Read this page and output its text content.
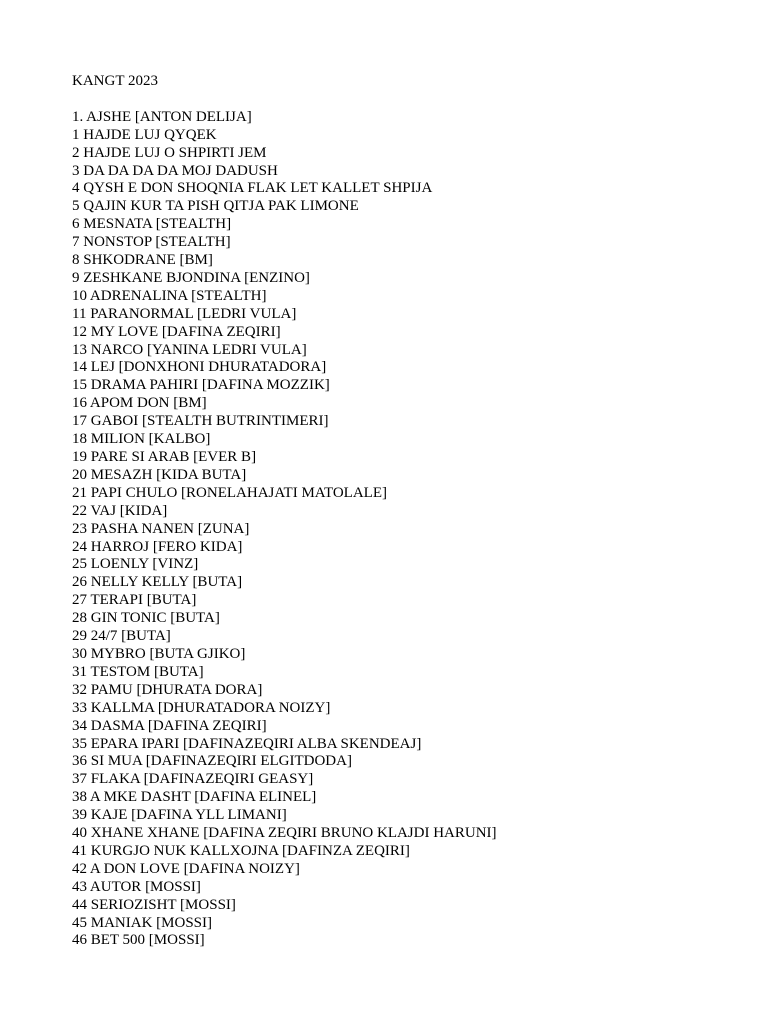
KANGT 2023

1. AJSHE [ANTON DELIJA]
1 HAJDE LUJ QYQEK
2 HAJDE LUJ O SHPIRTI JEM
3 DA DA DA DA MOJ DADUSH
4 QYSH E DON SHOQNIA FLAK LET KALLET SHPIJA
5 QAJIN KUR TA PISH QITJA PAK LIMONE
6 MESNATA [STEALTH]
7 NONSTOP [STEALTH]
8 SHKODRANE [BM]
9 ZESHKANE BJONDINA [ENZINO]
10 ADRENALINA [STEALTH]
11 PARANORMAL [LEDRI VULA]
12 MY LOVE [DAFINA ZEQIRI]
13 NARCO [YANINA LEDRI VULA]
14 LEJ [DONXHONI DHURATADORA]
15 DRAMA PAHIRI [DAFINA MOZZIK]
16 APOM DON [BM]
17 GABOI [STEALTH BUTRINTIMERI]
18 MILION [KALBO]
19 PARE SI ARAB [EVER B]
20 MESAZH [KIDA BUTA]
21 PAPI CHULO [RONELAHAJATI MATOLALE]
22 VAJ [KIDA]
23 PASHA NANEN [ZUNA]
24 HARROJ [FERO KIDA]
25 LOENLY [VINZ]
26 NELLY KELLY [BUTA]
27 TERAPI [BUTA]
28 GIN TONIC [BUTA]
29 24/7 [BUTA]
30 MYBRO [BUTA GJIKO]
31 TESTOM [BUTA]
32 PAMU [DHURATA DORA]
33 KALLMA [DHURATADORA NOIZY]
34 DASMA [DAFINA ZEQIRI]
35 EPARA IPARI [DAFINAZEQIRI ALBA SKENDEAJ]
36 SI MUA [DAFINAZEQIRI ELGITDODA]
37 FLAKA [DAFINAZEQIRI GEASY]
38 A MKE DASHT [DAFINA ELINEL]
39 KAJE [DAFINA YLL LIMANI]
40 XHANE XHANE [DAFINA ZEQIRI BRUNO KLAJDI HARUNI]
41 KURGJO NUK KALLXOJNA [DAFINZA ZEQIRI]
42 A DON LOVE [DAFINA NOIZY]
43 AUTOR [MOSSI]
44 SERIOZISHT [MOSSI]
45 MANIAK [MOSSI]
46 BET 500 [MOSSI]
